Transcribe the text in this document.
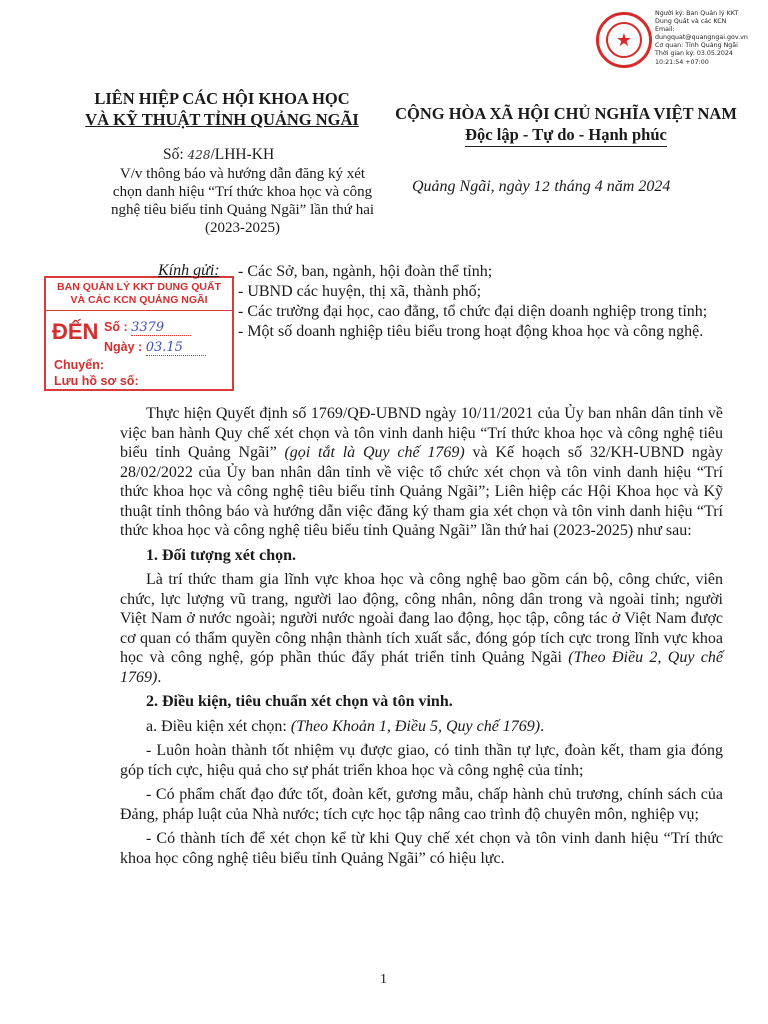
★
Người ký: Ban Quản lý KKT
Dung Quất và các KCN
Email:
dungquat@quangngai.gov.vn
Cơ quan: Tỉnh Quảng Ngãi
Thời gian ký: 03.05.2024
10:21:54 +07:00
LIÊN HIỆP CÁC HỘI KHOA HỌC
VÀ KỸ THUẬT TỈNH QUẢNG NGÃI	CỘNG HÒA XÃ HỘI CHỦ NGHĨA VIỆT NAM
Độc lập - Tự do - Hạnh phúc
Số: 428/LHH-KH
V/v thông báo và hướng dẫn đăng ký xét chọn danh hiệu “Trí thức khoa học và công nghệ tiêu biểu tỉnh Quảng Ngãi” lần thứ hai (2023-2025)
Quảng Ngãi, ngày 12 tháng 4 năm 2024
BAN QUẢN LÝ KKT DUNG QUẤT
VÀ CÁC KCN QUẢNG NGÃI
ĐẾN Số : 3379
Ngày : 03.15
Chuyển:
Lưu hồ sơ số:
Kính gửi: - Các Sở, ban, ngành, hội đoàn thể tỉnh;
- UBND các huyện, thị xã, thành phố;
- Các trường đại học, cao đẳng, tổ chức đại diện doanh nghiệp trong tỉnh;
- Một số doanh nghiệp tiêu biểu trong hoạt động khoa học và công nghệ.

Thực hiện Quyết định số 1769/QĐ-UBND ngày 10/11/2021 của Ủy ban nhân dân tỉnh về việc ban hành Quy chế xét chọn và tôn vinh danh hiệu “Trí thức khoa học và công nghệ tiêu biểu tỉnh Quảng Ngãi” (gọi tắt là Quy chế 1769) và Kế hoạch số 32/KH-UBND ngày 28/02/2022 của Ủy ban nhân dân tỉnh về việc tổ chức xét chọn và tôn vinh danh hiệu “Trí thức khoa học và công nghệ tiêu biểu tỉnh Quảng Ngãi”; Liên hiệp các Hội Khoa học và Kỹ thuật tỉnh thông báo và hướng dẫn việc đăng ký tham gia xét chọn và tôn vinh danh hiệu “Trí thức khoa học và công nghệ tiêu biểu tỉnh Quảng Ngãi” lần thứ hai (2023-2025) như sau:

1. Đối tượng xét chọn.

Là trí thức tham gia lĩnh vực khoa học và công nghệ bao gồm cán bộ, công chức, viên chức, lực lượng vũ trang, người lao động, công nhân, nông dân trong và ngoài tỉnh; người Việt Nam ở nước ngoài; người nước ngoài đang lao động, học tập, công tác ở Việt Nam được cơ quan có thẩm quyền công nhận thành tích xuất sắc, đóng góp tích cực trong lĩnh vực khoa học và công nghệ, góp phần thúc đẩy phát triển tỉnh Quảng Ngãi (Theo Điều 2, Quy chế 1769).

2. Điều kiện, tiêu chuẩn xét chọn và tôn vinh.

a. Điều kiện xét chọn: (Theo Khoản 1, Điều 5, Quy chế 1769).

- Luôn hoàn thành tốt nhiệm vụ được giao, có tinh thần tự lực, đoàn kết, tham gia đóng góp tích cực, hiệu quả cho sự phát triển khoa học và công nghệ của tỉnh;

- Có phẩm chất đạo đức tốt, đoàn kết, gương mẫu, chấp hành chủ trương, chính sách của Đảng, pháp luật của Nhà nước; tích cực học tập nâng cao trình độ chuyên môn, nghiệp vụ;

- Có thành tích để xét chọn kể từ khi Quy chế xét chọn và tôn vinh danh hiệu “Trí thức khoa học công nghệ tiêu biểu tỉnh Quảng Ngãi” có hiệu lực.

1
